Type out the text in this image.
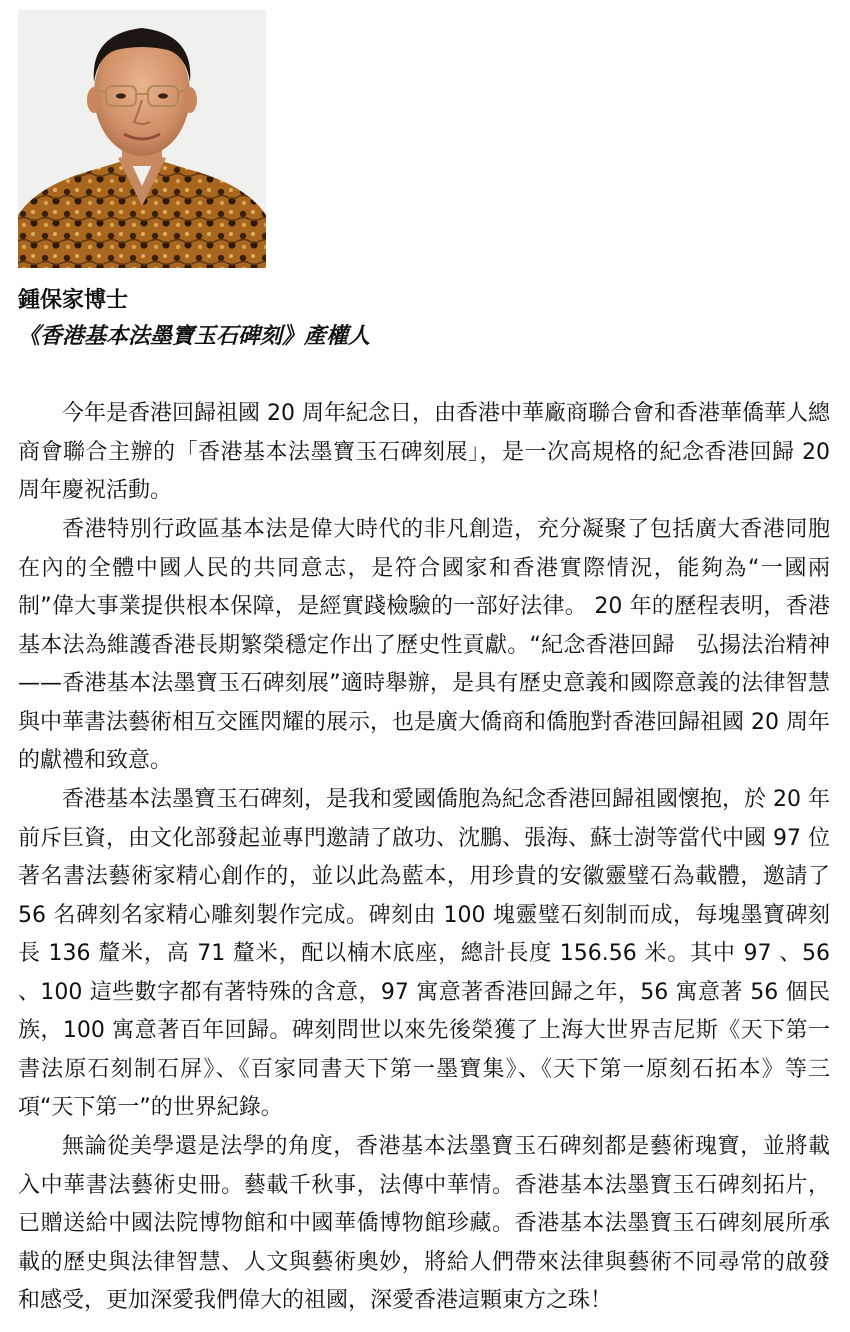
鍾保家博士
《香港基本法墨寶玉石碑刻》產權人

今年是香港回歸祖國 20 周年紀念日，由香港中華廠商聯合會和香港華僑華人總商會聯合主辦的「香港基本法墨寶玉石碑刻展」，是一次高規格的紀念香港回歸 20 周年慶祝活動。

香港特別行政區基本法是偉大時代的非凡創造，充分凝聚了包括廣大香港同胞在內的全體中國人民的共同意志，是符合國家和香港實際情況，能夠為“一國兩制”偉大事業提供根本保障，是經實踐檢驗的一部好法律。 20 年的歷程表明，香港基本法為維護香港長期繁榮穩定作出了歷史性貢獻。“紀念香港回歸　弘揚法治精神——香港基本法墨寶玉石碑刻展”適時舉辦，是具有歷史意義和國際意義的法律智慧與中華書法藝術相互交匯閃耀的展示，也是廣大僑商和僑胞對香港回歸祖國 20 周年的獻禮和致意。

香港基本法墨寶玉石碑刻，是我和愛國僑胞為紀念香港回歸祖國懷抱，於 20 年前斥巨資，由文化部發起並專門邀請了啟功、沈鵬、張海、蘇士澍等當代中國 97 位著名書法藝術家精心創作的，並以此為藍本，用珍貴的安徽靈璧石為載體，邀請了 56 名碑刻名家精心雕刻製作完成。碑刻由 100 塊靈璧石刻制而成，每塊墨寶碑刻長 136 釐米，高 71 釐米，配以楠木底座，總計長度 156.56 米。其中 97 、56 、100 這些數字都有著特殊的含意，97 寓意著香港回歸之年，56 寓意著 56 個民族，100 寓意著百年回歸。碑刻問世以來先後榮獲了上海大世界吉尼斯《天下第一書法原石刻制石屏》、《百家同書天下第一墨寶集》、《天下第一原刻石拓本》等三項“天下第一”的世界紀錄。

無論從美學還是法學的角度，香港基本法墨寶玉石碑刻都是藝術瑰寶，並將載入中華書法藝術史冊。藝載千秋事，法傳中華情。香港基本法墨寶玉石碑刻拓片，已贈送給中國法院博物館和中國華僑博物館珍藏。香港基本法墨寶玉石碑刻展所承載的歷史與法律智慧、人文與藝術奧妙，將給人們帶來法律與藝術不同尋常的啟發和感受，更加深愛我們偉大的祖國，深愛香港這顆東方之珠！
